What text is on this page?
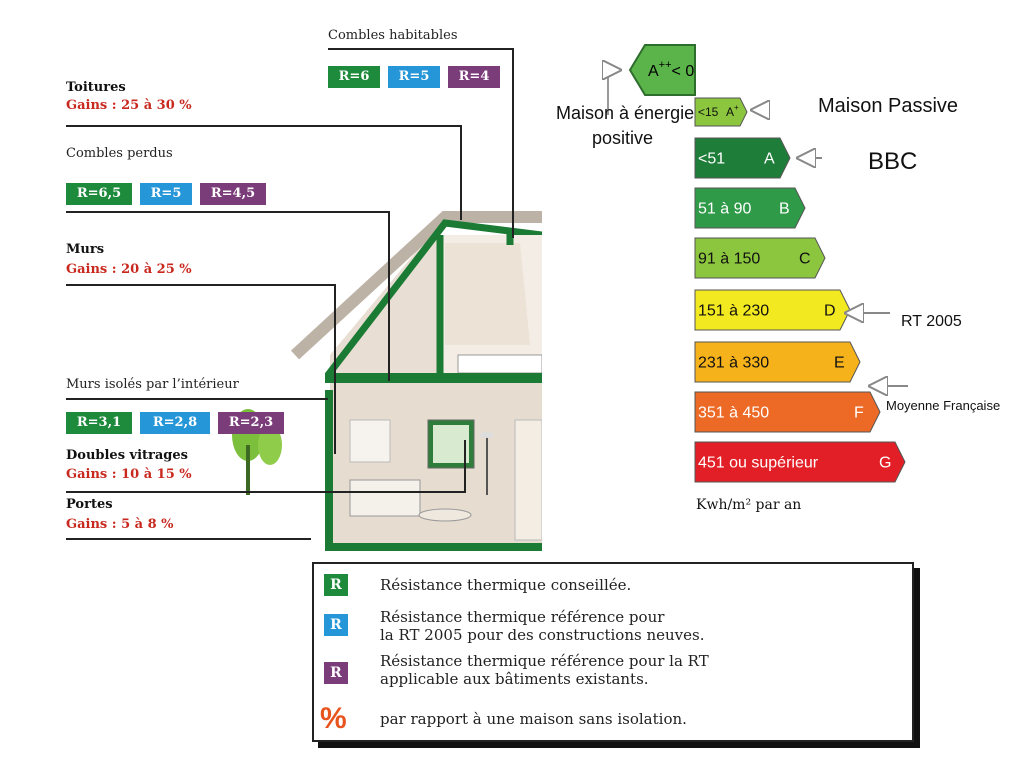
Combles habitables
R=6	R=5	R=4
Toitures
Gains : 25 à 30 %
Combles perdus
R=6,5	R=5	R=4,5
Murs
Gains : 20 à 25 %
Murs isolés par l’intérieur
R=3,1	R=2,8	R=2,3
Doubles vitrages
Gains : 10 à 15 %
Portes
Gains : 5 à 8 %
A++< 0
<15 A+
<51 A
51 à 90 B
91 à 150 C
151 à 230	D
231 à 330	E
351 à 450	F
451 ou supérieur	G
Maison à énergie
positive
Maison Passive
BBC
RT 2005
Moyenne Française
Kwh/m² par an
R	Résistance thermique conseillée.
R	Résistance thermique référence pour
la RT 2005 pour des constructions neuves.
R
Résistance thermique référence pour la RT
applicable aux bâtiments existants.
% par rapport à une maison sans isolation.
